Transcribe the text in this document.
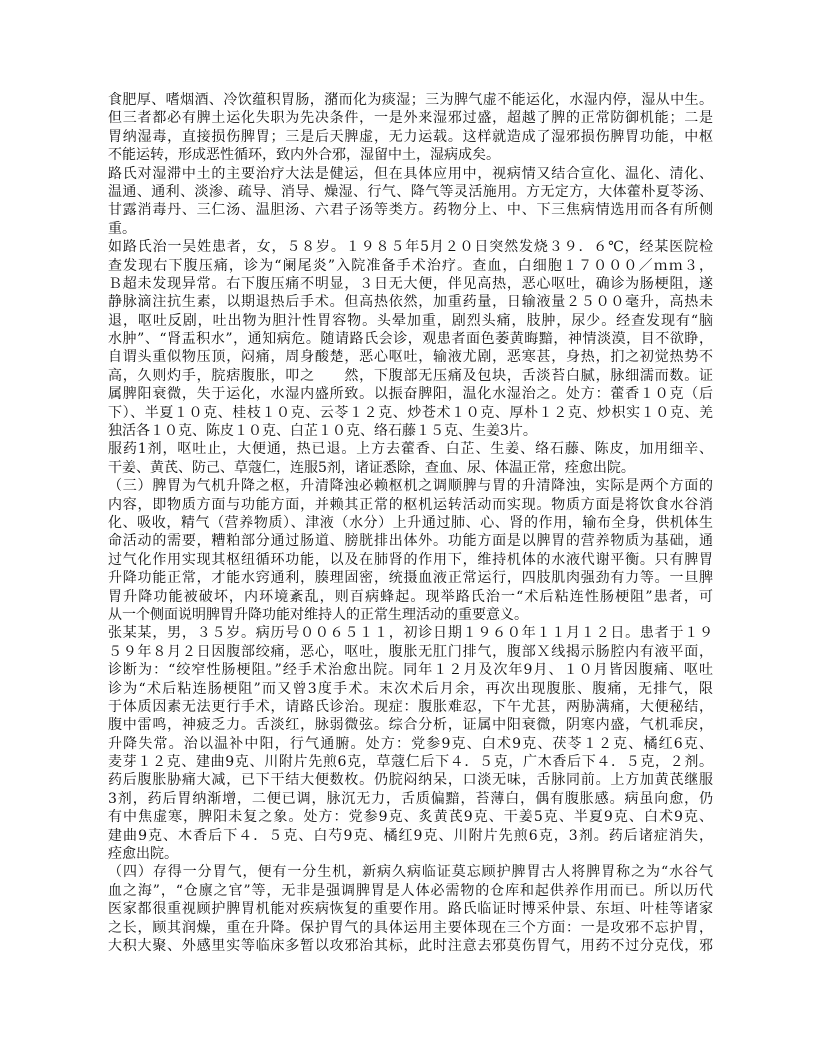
食肥厚、嗜烟酒、冷饮蕴积胃肠，潴而化为痰湿；三为脾气虚不能运化，水湿内停，湿从中生。
但三者都必有脾土运化失职为先决条件，一是外来湿邪过盛，超越了脾的正常防御机能；二是
胃纳湿毒，直接损伤脾胃；三是后天脾虚，无力运载。这样就造成了湿邪损伤脾胃功能，中枢
不能运转，形成恶性循环，致内外合邪，湿留中土，湿病成矣。
路氏对湿滞中土的主要治疗大法是健运，但在具体应用中，视病情又结合宣化、温化、清化、
温通、通利、淡渗、疏导、消导、燥湿、行气、降气等灵活施用。方无定方，大体藿朴夏苓汤、
甘露消毒丹、三仁汤、温胆汤、六君子汤等类方。药物分上、中、下三焦病情选用而各有所侧
重。
如路氏治一吴姓患者，女，５８岁。１９８５年5月２０日突然发烧３９．６℃，经某医院检
查发现右下腹压痛，诊为“阑尾炎”入院准备手术治疗。查血，白细胞１７０００／ｍｍ３，
Ｂ超未发现异常。右下腹压痛不明显，３日无大便，伴见高热，恶心呕吐，确诊为肠梗阻，遂
静脉滴注抗生素，以期退热后手术。但高热依然，加重药量，日输液量２５００毫升，高热未
退，呕吐反剧，吐出物为胆汁性胃容物。头晕加重，剧烈头痛，肢肿，尿少。经查发现有“脑
水肿”、“肾盂积水”，通知病危。随请路氏会诊，观患者面色萎黄晦黯，神情淡漠，目不欲睁，
自谓头重似物压顶，闷痛，周身酸楚，恶心呕吐，输液尤剧，恶寒甚，身热，扪之初觉热势不
高，久则灼手，脘痞腹胀，叩之　　然，下腹部无压痛及包块，舌淡苔白腻，脉细濡而数。证
属脾阳衰微，失于运化，水湿内盛所致。以振奋脾阳，温化水湿治之。处方：藿香１０克（后
下）、半夏１０克、桂枝１０克、云苓１２克、炒苍术１０克、厚朴１２克、炒枳实１０克、羌
独活各１０克、陈皮１０克、白芷１０克、络石藤１５克、生姜3片。
服药1剂，呕吐止，大便通，热已退。上方去藿香、白芷、生姜、络石藤、陈皮，加用细辛、
干姜、黄芪、防己、草蔻仁，连服5剂，诸证悉除，查血、尿、体温正常，痊愈出院。
（三）脾胃为气机升降之枢，升清降浊必赖枢机之调顺脾与胃的升清降浊，实际是两个方面的
内容，即物质方面与功能方面，并赖其正常的枢机运转活动而实现。物质方面是将饮食水谷消
化、吸收，精气（营养物质）、津液（水分）上升通过肺、心、肾的作用，输布全身，供机体生
命活动的需要，糟粕部分通过肠道、膀胱排出体外。功能方面是以脾胃的营养物质为基础，通
过气化作用实现其枢纽循环功能，以及在肺肾的作用下，维持机体的水液代谢平衡。只有脾胃
升降功能正常，才能水窍通利，腠理固密，统摄血液正常运行，四肢肌肉强劲有力等。一旦脾
胃升降功能被破坏，内环境紊乱，则百病蜂起。现举路氏治一“术后粘连性肠梗阻”患者，可
从一个侧面说明脾胃升降功能对维持人的正常生理活动的重要意义。
张某某，男，３５岁。病历号００６５１１，初诊日期１９６０年１１月１２日。患者于１９
５９年８月２日因腹部绞痛，恶心，呕吐，腹胀无肛门排气，腹部Ｘ线揭示肠腔内有液平面，
诊断为：“绞窄性肠梗阻。”经手术治愈出院。同年１２月及次年9月、１０月皆因腹痛、呕吐
诊为“术后粘连肠梗阻”而又曾3度手术。末次术后月余，再次出现腹胀、腹痛，无排气，限
于体质因素无法更行手术，请路氏诊治。现症：腹胀难忍，下午尤甚，两胁满痛，大便秘结，
腹中雷鸣，神疲乏力。舌淡红，脉弱微弦。综合分析，证属中阳衰微，阴寒内盛，气机乖戾，
升降失常。治以温补中阳，行气通腑。处方：党参9克、白术9克、茯苓１２克、橘红6克、
麦芽１２克、建曲9克、川附片先煎6克，草蔻仁后下４．５克，广木香后下４．５克，２剂。
药后腹胀胁痛大减，已下干结大便数枚。仍脘闷纳呆，口淡无味，舌脉同前。上方加黄芪继服
3剂，药后胃纳渐增，二便已调，脉沉无力，舌质偏黯，苔薄白，偶有腹胀感。病虽向愈，仍
有中焦虚寒，脾阳未复之象。处方：党参9克、炙黄芪9克、干姜5克、半夏9克、白术9克、
建曲9克、木香后下４．５克、白芍9克、橘红9克、川附片先煎6克，3剂。药后诸症消失，
痊愈出院。
（四）存得一分胃气，便有一分生机，新病久病临证莫忘顾护脾胃古人将脾胃称之为“水谷气
血之海”，“仓廪之官”等，无非是强调脾胃是人体必需物的仓库和起供养作用而已。所以历代
医家都很重视顾护脾胃机能对疾病恢复的重要作用。路氏临证时博采仲景、东垣、叶桂等诸家
之长，顾其润燥，重在升降。保护胃气的具体运用主要体现在三个方面：一是攻邪不忘护胃，
大积大聚、外感里实等临床多暂以攻邪治其标，此时注意去邪莫伤胃气，用药不过分克伐，邪
